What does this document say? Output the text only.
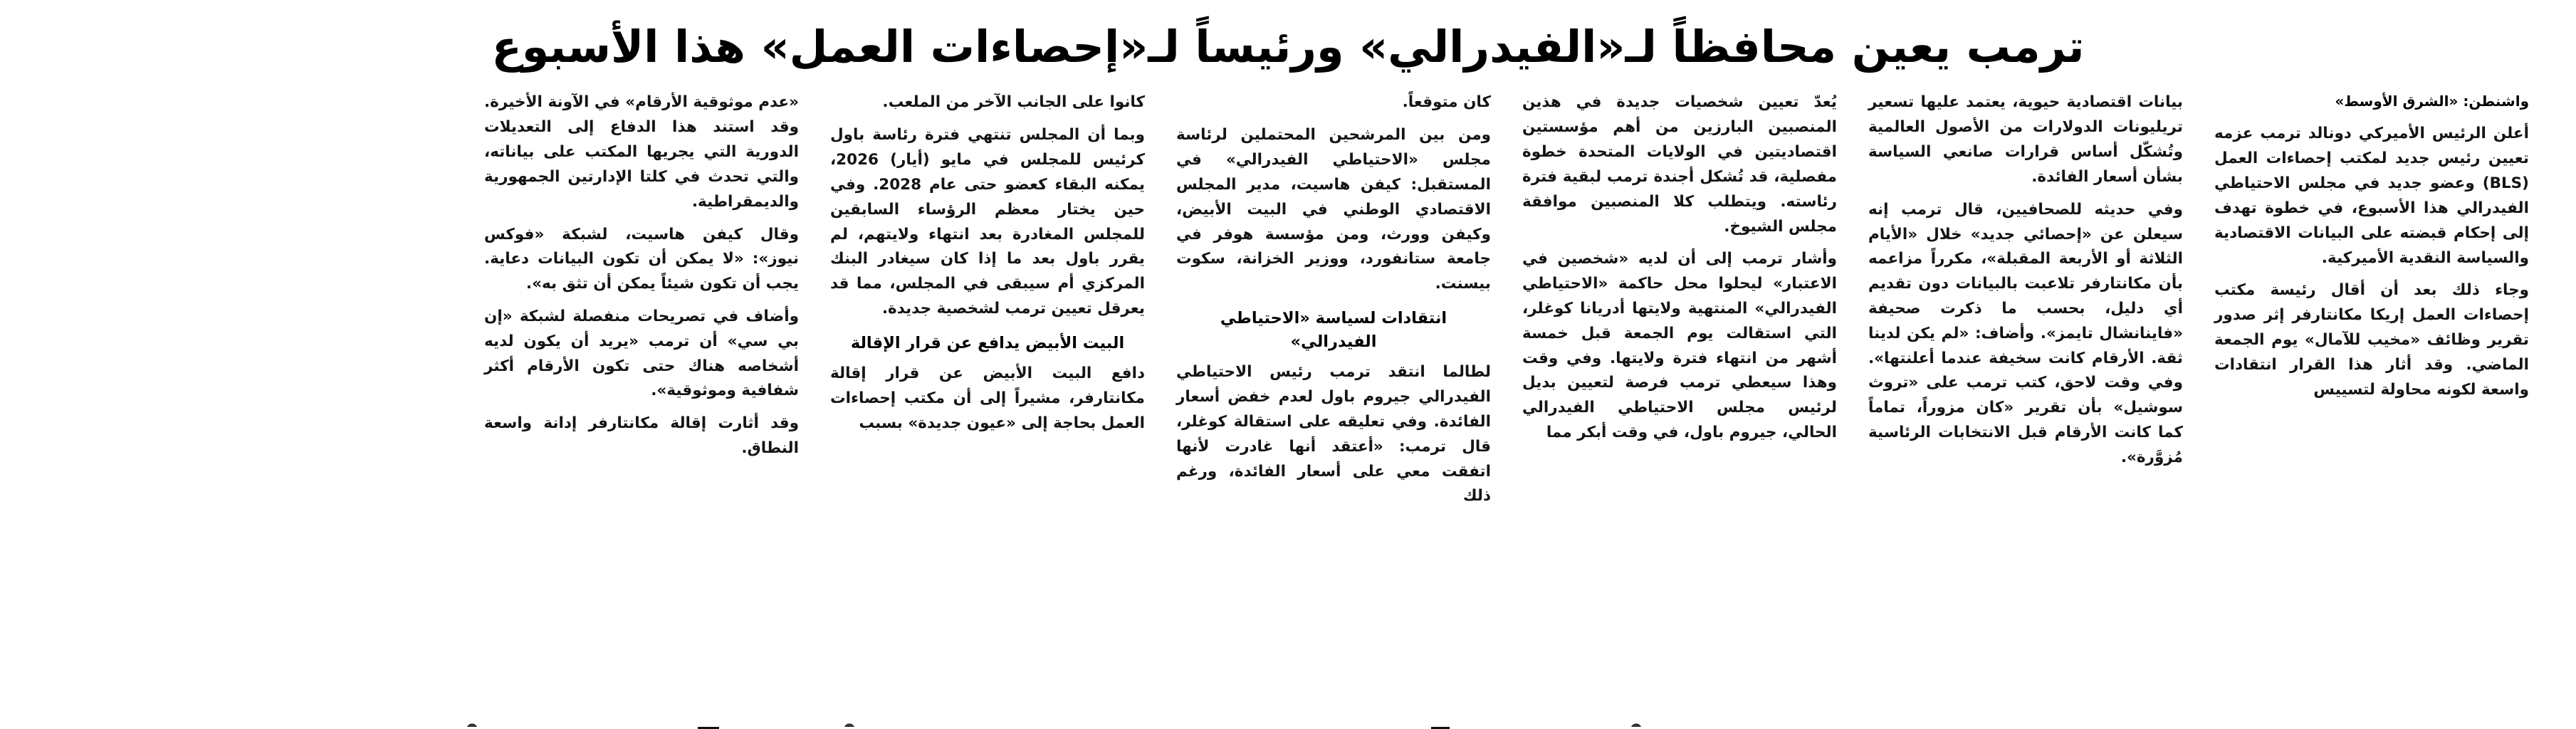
ترمب يعين محافظاً لـ«الفيدرالي» ورئيساً لـ«إحصاءات العمل» هذا الأسبوع
واشنطن: «الشرق الأوسط»

أعلن الرئيس الأميركي دونالد ترمب عزمه تعيين رئيس جديد لمكتب إحصاءات العمل (BLS) وعضو جديد في مجلس الاحتياطي الفيدرالي هذا الأسبوع، في خطوة تهدف إلى إحكام قبضته على البيانات الاقتصادية والسياسة النقدية الأميركية.

وجاء ذلك بعد أن أقال رئيسة مكتب إحصاءات العمل إريكا مكانتارفر إثر صدور تقرير وظائف «مخيب للآمال» يوم الجمعة الماضي. وقد أثار هذا القرار انتقادات واسعة لكونه محاولة لتسييس

بيانات اقتصادية حيوية، يعتمد عليها تسعير تريليونات الدولارات من الأصول العالمية وتُشكّل أساس قرارات صانعي السياسة بشأن أسعار الفائدة.

وفي حديثه للصحافيين، قال ترمب إنه سيعلن عن «إحصائي جديد» خلال «الأيام الثلاثة أو الأربعة المقبلة»، مكرراً مزاعمه بأن مكانتارفر تلاعبت بالبيانات دون تقديم أي دليل، بحسب ما ذكرت صحيفة «فاينانشال تايمز». وأضاف: «لم يكن لدينا ثقة. الأرقام كانت سخيفة عندما أعلنتها». وفي وقت لاحق، كتب ترمب على «تروث سوشيل» بأن تقرير «كان مزوراً، تماماً كما كانت الأرقام قبل الانتخابات الرئاسية مُزوَّرة».

يُعدّ تعيين شخصيات جديدة في هذين المنصبين البارزين من أهم مؤسستين اقتصاديتين في الولايات المتحدة خطوة مفصلية، قد تُشكل أجندة ترمب لبقية فترة رئاسته. ويتطلب كلا المنصبين موافقة مجلس الشيوخ.

وأشار ترمب إلى أن لديه «شخصين في الاعتبار» ليحلوا محل حاكمة «الاحتياطي الفيدرالي» المنتهية ولايتها أدريانا كوغلر، التي استقالت يوم الجمعة قبل خمسة أشهر من انتهاء فترة ولايتها. وفي وقت وهذا سيعطي ترمب فرصة لتعيين بديل لرئيس مجلس الاحتياطي الفيدرالي الحالي، جيروم باول، في وقت أبكر مما

كان متوقعاً.

ومن بين المرشحين المحتملين لرئاسة مجلس «الاحتياطي الفيدرالي» في المستقبل: كيفن هاسيت، مدير المجلس الاقتصادي الوطني في البيت الأبيض، وكيفن وورث، ومن مؤسسة هوفر في جامعة ستانفورد، ووزير الخزانة، سكوت بيسنت.

انتقادات لسياسة «الاحتياطي الفيدرالي»

لطالما انتقد ترمب رئيس الاحتياطي الفيدرالي جيروم باول لعدم خفض أسعار الفائدة. وفي تعليقه على استقالة كوغلر، قال ترمب: «أعتقد أنها غادرت لأنها اتفقت معي على أسعار الفائدة، ورغم ذلك

كانوا على الجانب الآخر من الملعب.

وبما أن المجلس تنتهي فترة رئاسة باول كرئيس للمجلس في مايو (أيار) 2026، يمكنه البقاء كعضو حتى عام 2028. وفي حين يختار معظم الرؤساء السابقين للمجلس المغادرة بعد انتهاء ولايتهم، لم يقرر باول بعد ما إذا كان سيغادر البنك المركزي أم سيبقى في المجلس، مما قد يعرقل تعيين ترمب لشخصية جديدة.

البيت الأبيض يدافع عن قرار الإقالة

دافع البيت الأبيض عن قرار إقالة مكانتارفر، مشيراً إلى أن مكتب إحصاءات العمل بحاجة إلى «عيون جديدة» بسبب

«عدم موثوقية الأرقام» في الآونة الأخيرة. وقد استند هذا الدفاع إلى التعديلات الدورية التي يجريها المكتب على بياناته، والتي تحدث في كلتا الإدارتين الجمهورية والديمقراطية.

وقال كيفن هاسيت، لشبكة «فوكس نيوز»: «لا يمكن أن تكون البيانات دعاية. يجب أن تكون شيئاً يمكن أن تثق به».

وأضاف في تصريحات منفصلة لشبكة «إن بي سي» أن ترمب «يريد أن يكون لديه أشخاصه هناك حتى تكون الأرقام أكثر شفافية وموثوقية».

وقد أثارت إقالة مكانتارفر إدانة واسعة النطاق.
